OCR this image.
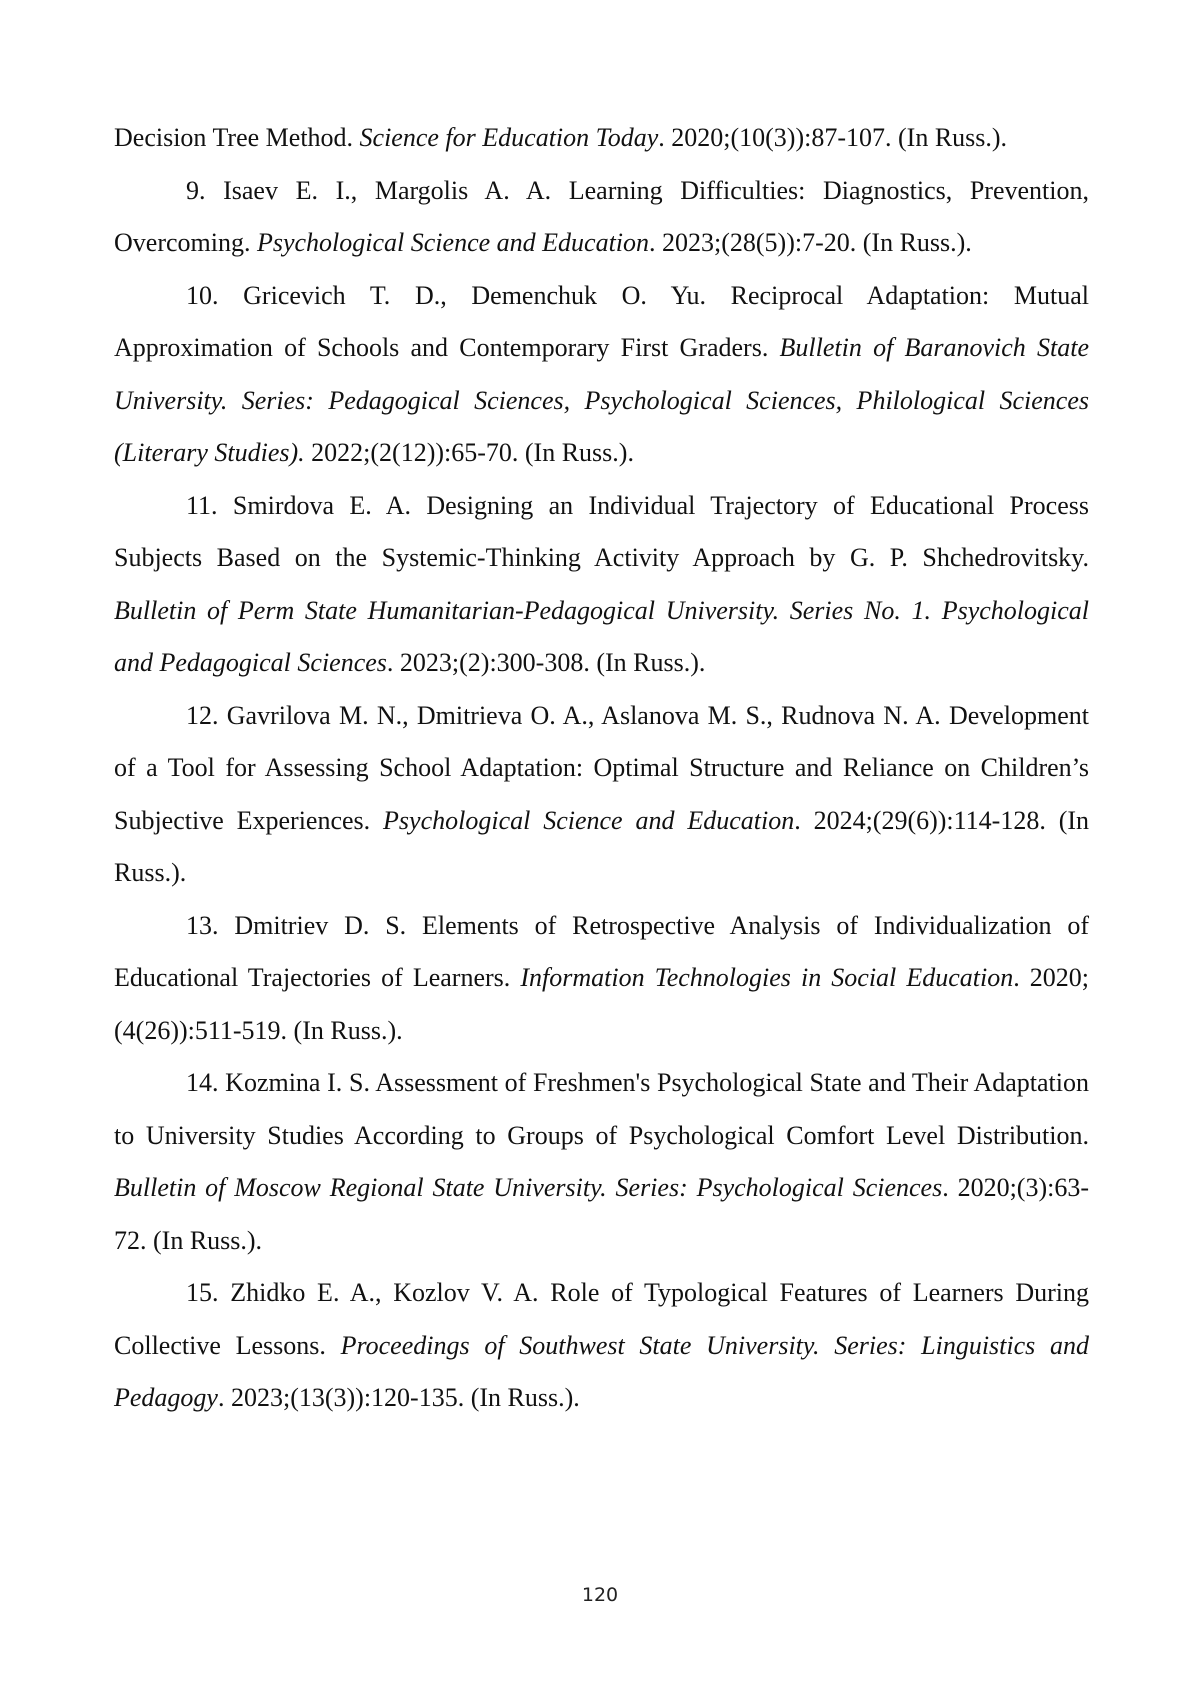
Decision Tree Method. Science for Education Today. 2020;(10(3)):87-107. (In Russ.).

9. Isaev E. I., Margolis A. A. Learning Difficulties: Diagnostics, Prevention, Overcoming. Psychological Science and Education. 2023;(28(5)):7-20. (In Russ.).

10. Gricevich T. D., Demenchuk O. Yu. Reciprocal Adaptation: Mutual Approximation of Schools and Contemporary First Graders. Bulletin of Baranovich State University. Series: Pedagogical Sciences, Psychological Sciences, Philological Sciences (Literary Studies). 2022;(2(12)):65-70. (In Russ.).

11. Smirdova E. A. Designing an Individual Trajectory of Educational Process Subjects Based on the Systemic-Thinking Activity Approach by G. P. Shchedrovitsky. Bulletin of Perm State Humanitarian-Pedagogical University. Series No. 1. Psychological and Pedagogical Sciences. 2023;(2):300-308. (In Russ.).

12. Gavrilova M. N., Dmitrieva O. A., Aslanova M. S., Rudnova N. A. Development of a Tool for Assessing School Adaptation: Optimal Structure and Reliance on Children’s Subjective Experiences. Psychological Science and Education. 2024;(29(6)):114-128. (In Russ.).

13. Dmitriev D. S. Elements of Retrospective Analysis of Individualization of Educational Trajectories of Learners. Information Technologies in Social Education. 2020;(4(26)):511-519. (In Russ.).

14. Kozmina I. S. Assessment of Freshmen's Psychological State and Their Adaptation to University Studies According to Groups of Psychological Comfort Level Distribution. Bulletin of Moscow Regional State University. Series: Psychological Sciences. 2020;(3):63-72. (In Russ.).

15. Zhidko E. A., Kozlov V. A. Role of Typological Features of Learners During Collective Lessons. Proceedings of Southwest State University. Series: Linguistics and Pedagogy. 2023;(13(3)):120-135. (In Russ.).

120
